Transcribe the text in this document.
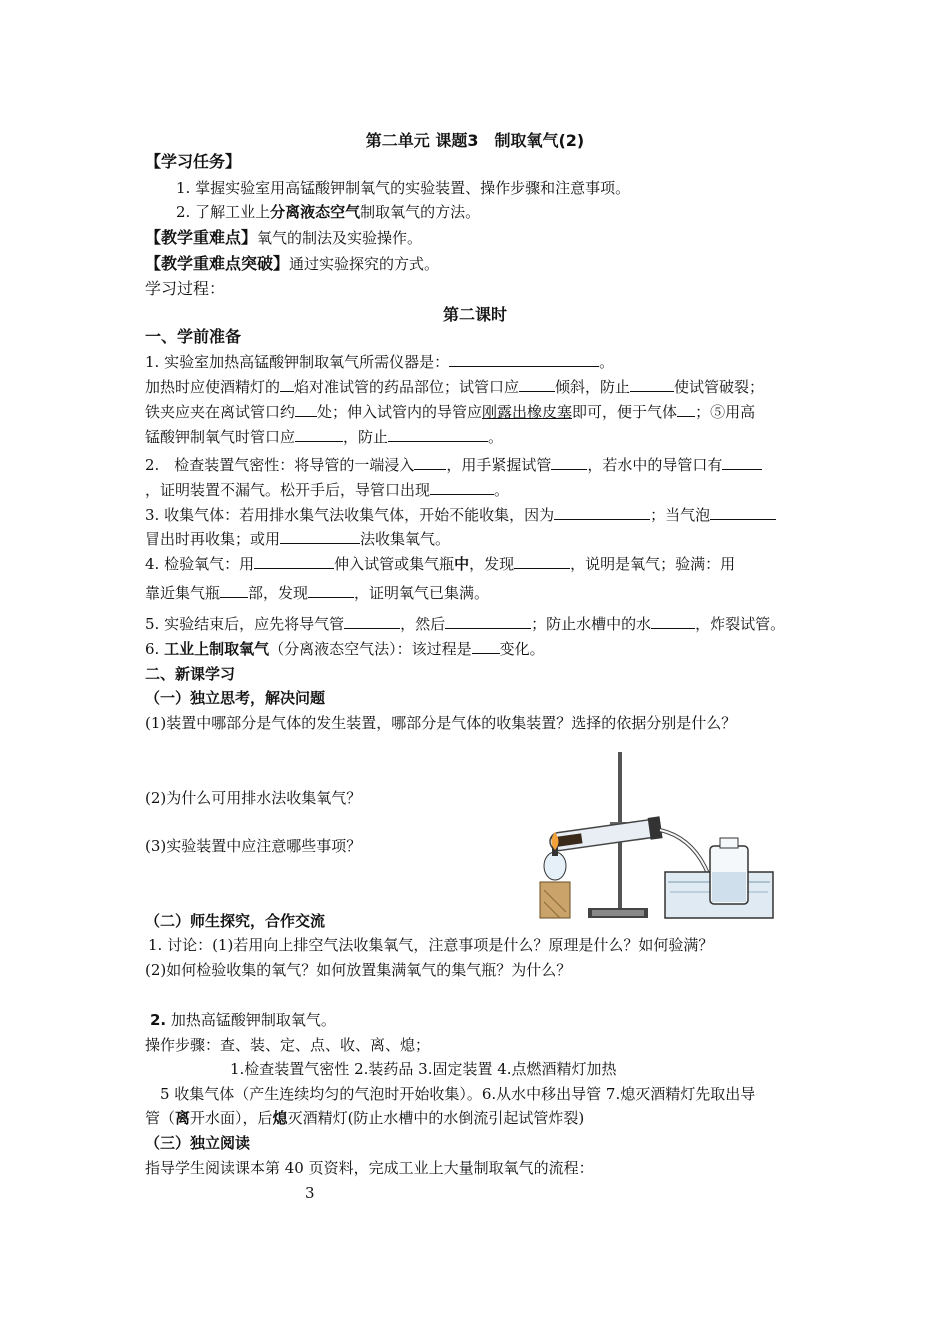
第二单元 课题3　制取氧气(2)
【学习任务】
1. 掌握实验室用高锰酸钾制氧气的实验装置、操作步骤和注意事项。
2. 了解工业上分离液态空气制取氧气的方法。
【教学重难点】氧气的制法及实验操作。
【教学重难点突破】通过实验探究的方式。
学习过程：
第二课时
一、学前准备
1. 实验室加热高锰酸钾制取氧气所需仪器是：	。
加热时应使酒精灯的 焰对准试管的药品部位；试管口应 倾斜，防止	使试管破裂；
铁夹应夹在离试管口约 处；伸入试管内的导管应刚露出橡皮塞即可，便于气体 ；⑤用高
锰酸钾制氧气时管口应	，防止	。
2.　检查装置气密性：将导管的一端浸入 ，用手紧握试管 ，若水中的导管口有
，证明装置不漏气。松开手后，导管口出现	。
3. 收集气体：若用排水集气法收集气体，开始不能收集，因为	；当气泡
冒出时再收集；或用	法收集氧气。
4. 检验氧气：用	伸入试管或集气瓶中，发现	，说明是氧气；验满：用
靠近集气瓶 部，发现	，证明氧气已集满。
5. 实验结束后，应先将导气管	，然后	；防止水槽中的水	，炸裂试管。
6. 工业上制取氧气（分离液态空气法）：该过程是 变化。
二、新课学习
（一）独立思考，解决问题
(1)装置中哪部分是气体的发生装置，哪部分是气体的收集装置？选择的依据分别是什么？
(2)为什么可用排水法收集氧气？
(3)实验装置中应注意哪些事项？
（二）师生探究，合作交流
1. 讨论：(1)若用向上排空气法收集氧气，注意事项是什么？原理是什么？如何验满？
(2)如何检验收集的氧气？如何放置集满氧气的集气瓶？为什么？
2. 加热高锰酸钾制取氧气。
操作步骤：查、装、定、点、收、离、熄；
1.检查装置气密性 2.装药品 3.固定装置 4.点燃酒精灯加热
5 收集气体（产生连续均匀的气泡时开始收集）。6.从水中移出导管 7.熄灭酒精灯先取出导
管（离开水面），后熄灭酒精灯(防止水槽中的水倒流引起试管炸裂)
（三）独立阅读
指导学生阅读课本第 40 页资料，完成工业上大量制取氧气的流程：
3
